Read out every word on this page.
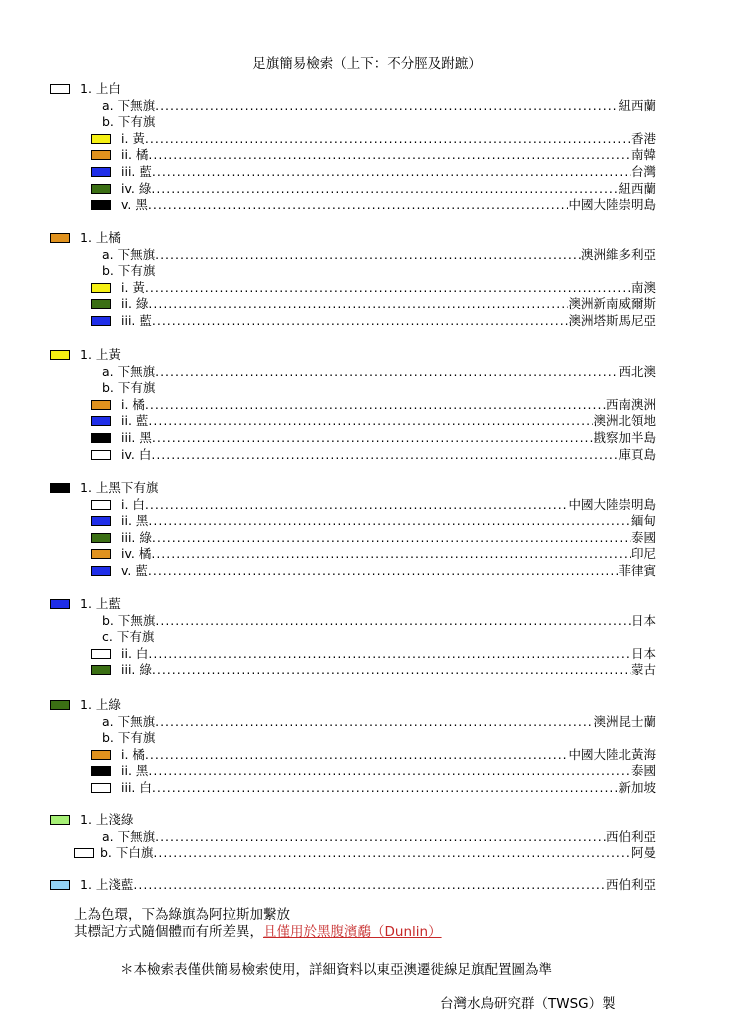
足旗簡易檢索（上下：不分脛及跗蹠）
1. 上白
a. 下無旗 .....	紐西蘭
b. 下有旗
i. 黃 .....	香港
ii. 橘 .....	南韓
iii. 藍 .....	台灣
iv. 綠 .....	紐西蘭
v. 黑 .....	中國大陸崇明島
1. 上橘
a. 下無旗 .....	澳洲維多利亞
b. 下有旗
i. 黃 .....	南澳
ii. 綠 .....	澳洲新南威爾斯
iii. 藍 .....	澳洲塔斯馬尼亞
1. 上黃
a. 下無旗 .....	西北澳
b. 下有旗
i. 橘 .....	西南澳洲
ii. 藍 .....	澳洲北領地
iii. 黑 .....	戡察加半島
iv. 白 .....	庫頁島
1. 上黑下有旗
i. 白 .....	中國大陸崇明島
ii. 黑 .....	緬甸
iii. 綠 .....	泰國
iv. 橘 .....	印尼
v. 藍 .....	菲律賓
1. 上藍
b. 下無旗 .....	日本
c. 下有旗
ii. 白 .....	日本
iii. 綠 .....	蒙古
1. 上綠
a. 下無旗 .....	澳洲昆士蘭
b. 下有旗
i. 橘 .....	中國大陸北黃海
ii. 黑 .....	泰國
iii. 白 .....	新加坡
1. 上淺綠
a. 下無旗 .....	西伯利亞
b. 下白旗 .....	阿曼
1. 上淺藍 .....	西伯利亞
上為色環，下為綠旗為阿拉斯加繫放
其標記方式隨個體而有所差異，且僅用於黑腹濱鷸（Dunlin）
＊本檢索表僅供簡易檢索使用，詳細資料以東亞澳遷徙線足旗配置圖為準
台灣水鳥研究群（TWSG）製
